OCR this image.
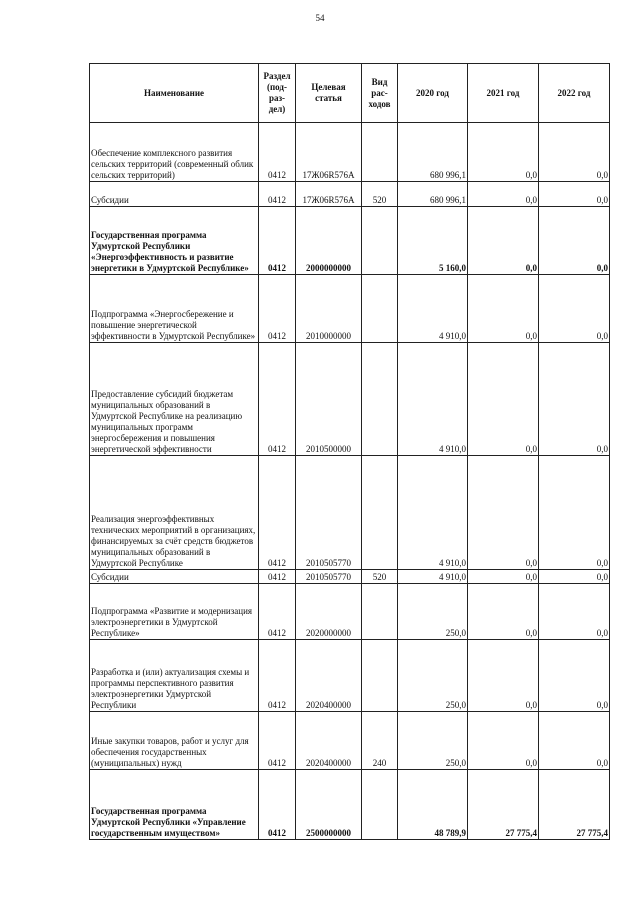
54
Наименование	Раздел (под- раз- дел)	Целевая статья	Вид рас- ходов	2020 год	2021 год	2022 год

Обеспечение комплексного развития сельских территорий (современный облик сельских территорий)	0412	17Ж06R576A		680 996,1	0,0	0,0

Субсидии	0412	17Ж06R576A	520	680 996,1	0,0	0,0

Государственная программа Удмуртской Республики «Энергоэффективность и развитие энергетики в Удмуртской Республике»	0412	2000000000		5 160,0	0,0	0,0

Подпрограмма «Энергосбережение и повышение энергетической эффективности в Удмуртской Республике»	0412	2010000000		4 910,0	0,0	0,0

Предоставление субсидий бюджетам муниципальных образований в Удмуртской Республике на реализацию муниципальных программ энергосбережения и повышения энергетической эффективности	0412	2010500000		4 910,0	0,0	0,0

Реализация энергоэффективных технических мероприятий в организациях, финансируемых за счёт средств бюджетов муниципальных образований в Удмуртской Республике	0412	2010505770		4 910,0	0,0	0,0

Субсидии	0412	2010505770	520	4 910,0	0,0	0,0

Подпрограмма «Развитие и модернизация электроэнергетики в Удмуртской Республике»	0412	2020000000		250,0	0,0	0,0

Разработка и (или) актуализация схемы и программы перспективного развития электроэнергетики Удмуртской Республики	0412	2020400000		250,0	0,0	0,0

Иные закупки товаров, работ и услуг для обеспечения государственных (муниципальных) нужд	0412	2020400000	240	250,0	0,0	0,0

Государственная программа Удмуртской Республики «Управление государственным имуществом»	0412	2500000000		48 789,9	27 775,4	27 775,4
